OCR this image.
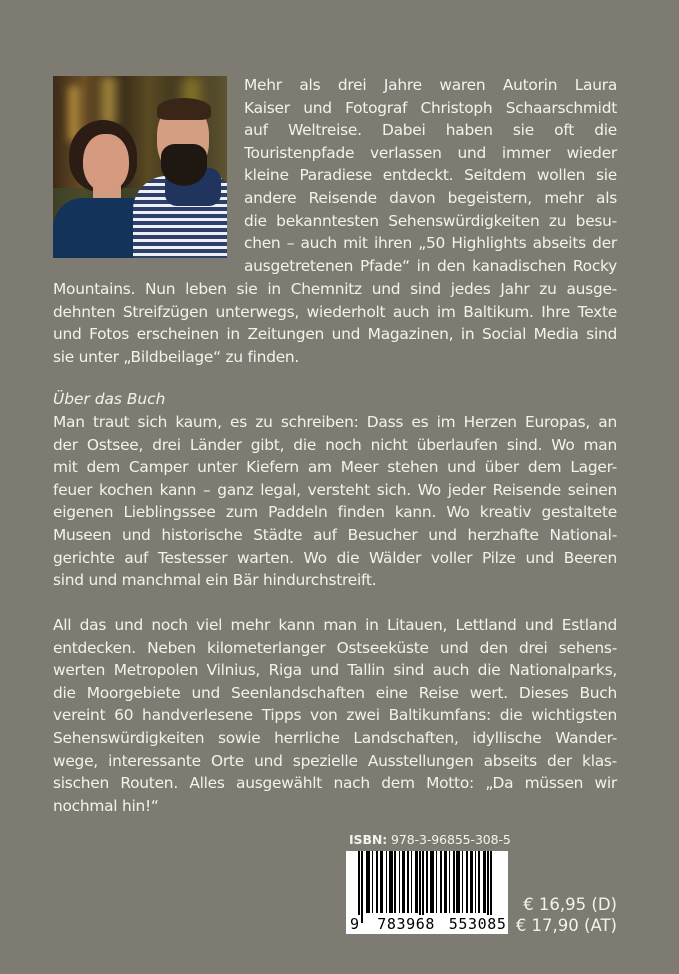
Mehr als drei Jahre waren Autorin Laura
Kaiser und Fotograf Christoph Schaarschmidt
auf Weltreise. Dabei haben sie oft die
Touristenpfade verlassen und immer wieder
kleine Paradiese entdeckt. Seitdem wollen sie
andere Reisende davon begeistern, mehr als
die bekanntesten Sehenswürdigkeiten zu besu-
chen – auch mit ihren „50 Highlights abseits der
ausgetretenen Pfade“ in den kanadischen Rocky
Mountains. Nun leben sie in Chemnitz und sind jedes Jahr zu ausge-
dehnten Streifzügen unterwegs, wiederholt auch im Baltikum. Ihre Texte
und Fotos erscheinen in Zeitungen und Magazinen, in Social Media sind
sie unter „Bildbeilage“ zu finden.
Über das Buch
Man traut sich kaum, es zu schreiben: Dass es im Herzen Europas, an
der Ostsee, drei Länder gibt, die noch nicht überlaufen sind. Wo man
mit dem Camper unter Kiefern am Meer stehen und über dem Lager-
feuer kochen kann – ganz legal, versteht sich. Wo jeder Reisende seinen
eigenen Lieblingssee zum Paddeln finden kann. Wo kreativ gestaltete
Museen und historische Städte auf Besucher und herzhafte National-
gerichte auf Testesser warten. Wo die Wälder voller Pilze und Beeren
sind und manchmal ein Bär hindurchstreift.
All das und noch viel mehr kann man in Litauen, Lettland und Estland
entdecken. Neben kilometerlanger Ostseeküste und den drei sehens-
werten Metropolen Vilnius, Riga und Tallin sind auch die Nationalparks,
die Moorgebiete und Seenlandschaften eine Reise wert. Dieses Buch
vereint 60 handverlesene Tipps von zwei Baltikumfans: die wichtigsten
Sehenswürdigkeiten sowie herrliche Landschaften, idyllische Wander-
wege, interessante Orte und spezielle Ausstellungen abseits der klas-
sischen Routen. Alles ausgewählt nach dem Motto: „Da müssen wir
nochmal hin!“
ISBN: 978-3-96855-308-5
9 783968 553085
€ 16,95 (D)
€ 17,90 (AT)
